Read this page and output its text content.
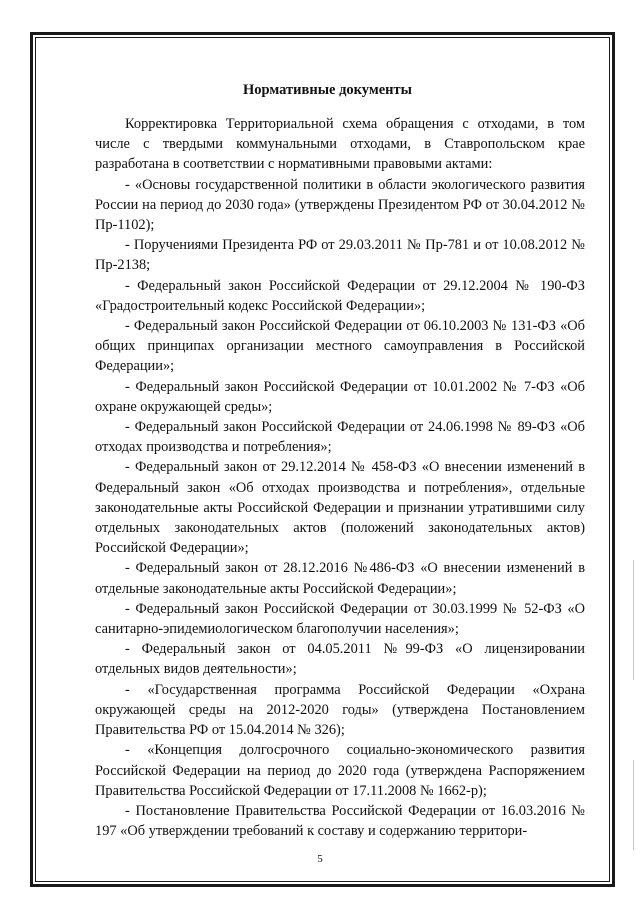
Нормативные документы

Корректировка Территориальной схема обращения с отходами, в том числе с твердыми коммунальными отходами, в Ставропольском крае разработана в соответствии с нормативными правовыми актами:

- «Основы государственной политики в области экологического развития России на период до 2030 года» (утверждены Президентом РФ от 30.04.2012 № Пр-1102);

- Поручениями Президента РФ от 29.03.2011 № Пр-781 и от 10.08.2012 № Пр-2138;

- Федеральный закон Российской Федерации от 29.12.2004 № 190-ФЗ «Градостроительный кодекс Российской Федерации»;

- Федеральный закон Российской Федерации от 06.10.2003 № 131-ФЗ «Об общих принципах организации местного самоуправления в Российской Федерации»;

- Федеральный закон Российской Федерации от 10.01.2002 № 7-ФЗ «Об охране окружающей среды»;

- Федеральный закон Российской Федерации от 24.06.1998 № 89-ФЗ «Об отходах производства и потребления»;

- Федеральный закон от 29.12.2014 № 458-ФЗ «О внесении изменений в Федеральный закон «Об отходах производства и потребления», отдельные законодательные акты Российской Федерации и признании утратившими силу отдельных законодательных актов (положений законодательных актов) Российской Федерации»;

- Федеральный закон от 28.12.2016 №486-ФЗ «О внесении изменений в отдельные законодательные акты Российской Федерации»;

- Федеральный закон Российской Федерации от 30.03.1999 № 52-ФЗ «О санитарно-эпидемиологическом благополучии населения»;

- Федеральный закон от 04.05.2011 №99-ФЗ «О лицензировании отдельных видов деятельности»;

- «Государственная программа Российской Федерации «Охрана окружающей среды на 2012-2020 годы» (утверждена Постановлением Правительства РФ от 15.04.2014 № 326);

- «Концепция долгосрочного социально-экономического развития Российской Федерации на период до 2020 года (утверждена Распоряжением Правительства Российской Федерации от 17.11.2008 № 1662-р);

- Постановление Правительства Российской Федерации от 16.03.2016 № 197 «Об утверждении требований к составу и содержанию территори-

5
